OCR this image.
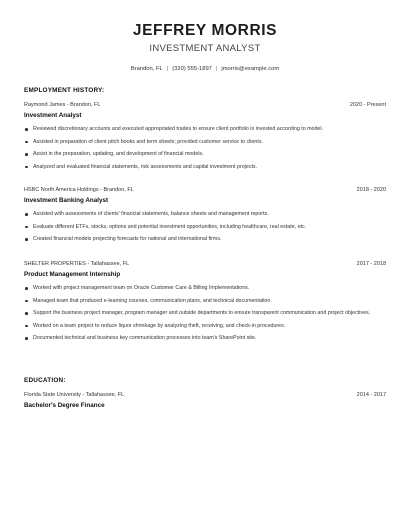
JEFFREY MORRIS
INVESTMENT ANALYST
Brandon, FL | (320) 555-1897 | jmorris@example.com
EMPLOYMENT HISTORY:
Raymond James - Brandon, FL	2020 - Present
Investment Analyst
Reviewed discretionary accounts and executed appropriated trades to ensure client portfolio is invested according to model.
Assisted in preparation of client pitch books and term sheets; provided customer service to clients.
Assist in the preparation, updating, and development of financial models.
Analyzed and evaluated financial statements, risk assessments and capital investment projects.
HSBC North America Holdings - Brandon, FL	2018 - 2020
Investment Banking Analyst
Assisted with assessments of clients' financial statements, balance sheets and management reports.
Evaluate different ETFs, stocks, options and potential investment opportunities, including healthcare, real estate, etc.
Created financial models projecting forecasts for national and international firms.
SHELTER PROPERTIES - Tallahassee, FL	2017 - 2018
Product Management Internship
Worked with project management team on Oracle Customer Care & Billing Implementations.
Managed team that produced e-learning courses, communication plans, and technical documentation.
Support the business project manager, program manager and outside departments to ensure transparent communication and project objectives.
Worked on a team project to reduce liquor shrinkage by analyzing theft, receiving, and check-in procedures.
Documented technical and business key communication processes into team's SharePoint site.
EDUCATION:
Florida State University - Tallahassee, FL	2014 - 2017
Bachelor's Degree Finance
